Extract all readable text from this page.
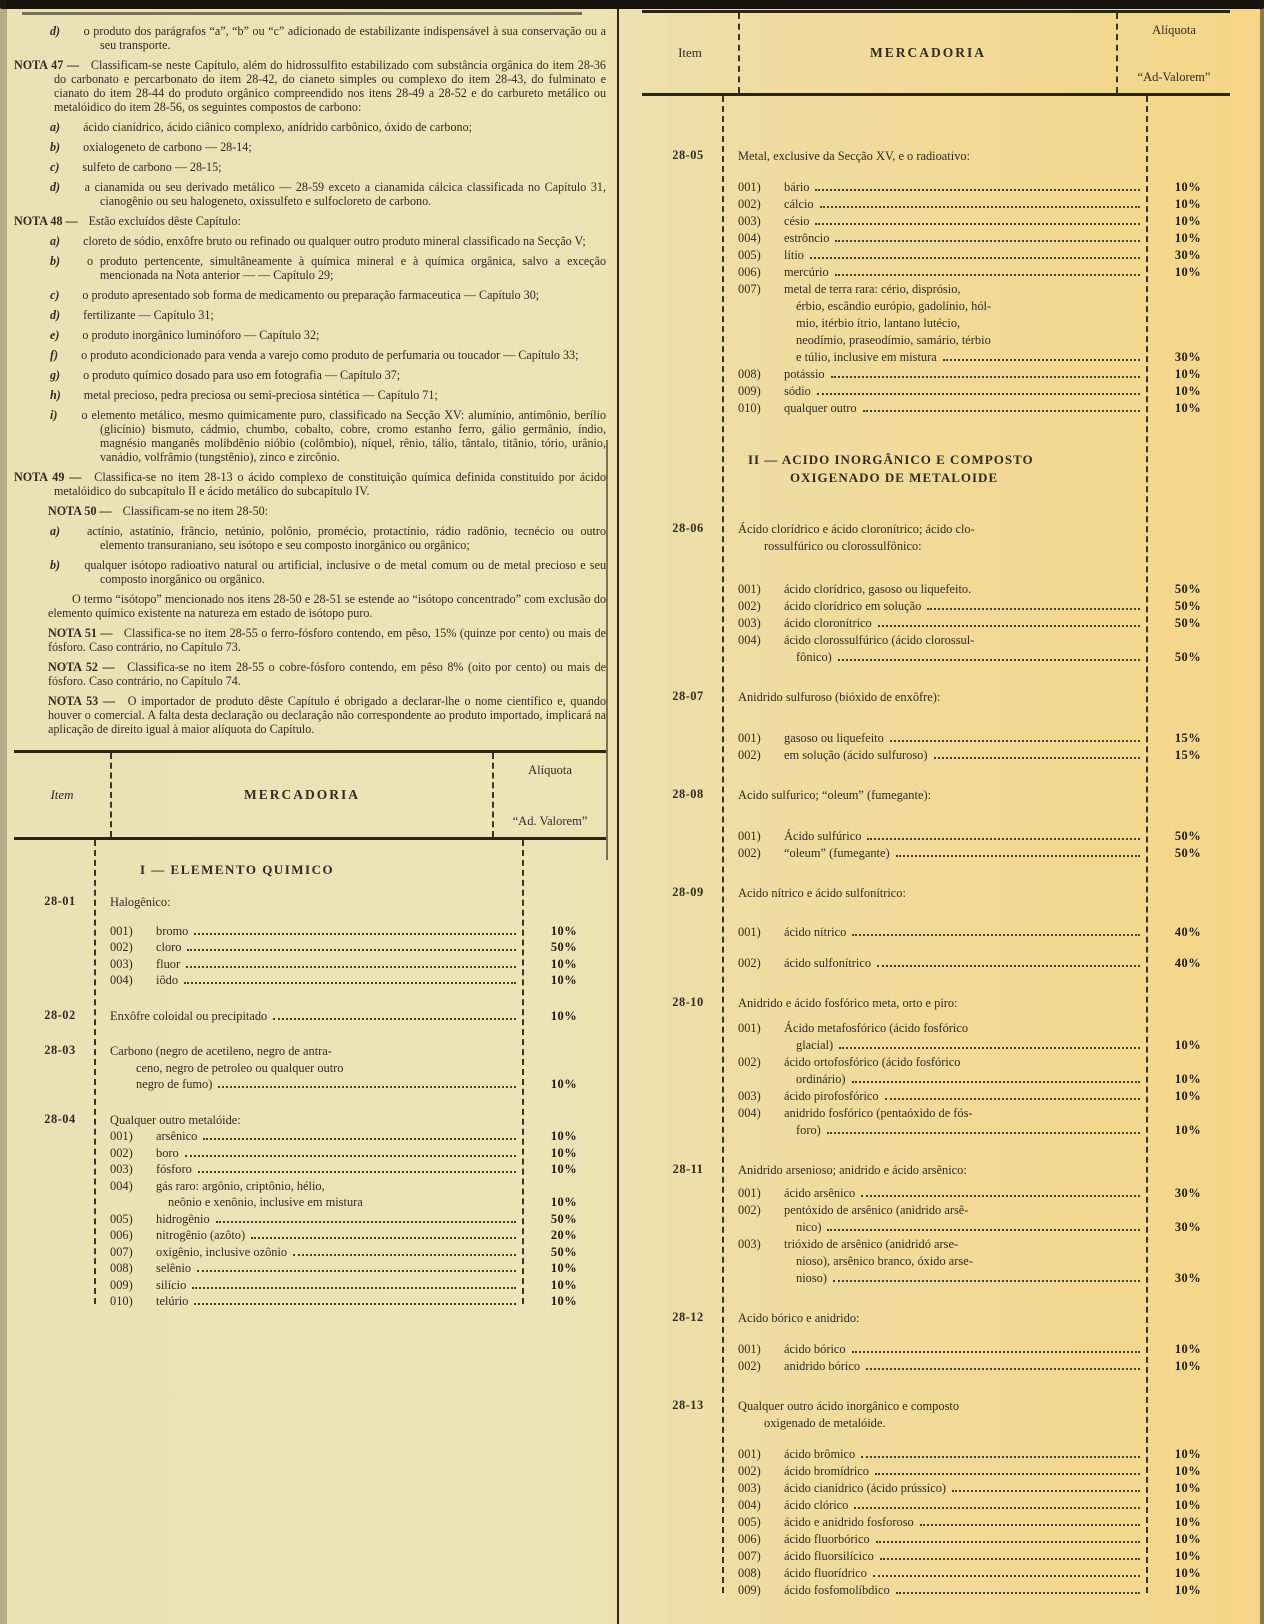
d) o produto dos parágrafos “a”, “b” ou “c” adicionado de estabilizante indispensável à sua conservação ou a seu transporte.
NOTA 47 — Classificam-se neste Capítulo, além do hidrossulfito estabilizado com substância orgânica do item 28-36 do carbonato e percarbonato do item 28-42, do cianeto simples ou complexo do item 28-43, do fulminato e cianato do item 28-44 do produto orgânico compreendido nos itens 28-49 a 28-52 e do carbureto metálico ou metalóidico do item 28-56, os seguintes compostos de carbono:
a) ácido cianídrico, ácido ciânico complexo, anídrido carbônico, óxido de carbono;
b) oxialogeneto de carbono — 28-14;
c) sulfeto de carbono — 28-15;
d) a cianamida ou seu derivado metálico — 28-59 exceto a cianamida cálcica classificada no Capítulo 31, cianogênio ou seu halogeneto, oxissulfeto e sulfocloreto de carbono.
NOTA 48 — Estão excluídos dêste Capítulo:
a) cloreto de sódio, enxôfre bruto ou refinado ou qualquer outro produto mineral classificado na Secção V;
b) o produto pertencente, simultâneamente à química mineral e à química orgânica, salvo a exceção mencionada na Nota anterior — — Capítulo 29;
c) o produto apresentado sob forma de medicamento ou preparação farmaceutica — Capítulo 30;
d) fertilizante — Capítulo 31;
e) o produto inorgânico luminóforo — Capítulo 32;
f) o produto acondicionado para venda a varejo como produto de perfumaria ou toucador — Capítulo 33;
g) o produto químico dosado para uso em fotografia — Capítulo 37;
h) metal precioso, pedra preciosa ou semi-preciosa sintética — Capítulo 71;
i) o elemento metálico, mesmo quimicamente puro, classificado na Secção XV: alumínio, antimônio, berílio (glicínio) bismuto, cádmio, chumbo, cobalto, cobre, cromo estanho ferro, gálio germânio, índio, magnésio manganês molibdênio nióbio (colômbio), níquel, rênio, tálio, tântalo, titânio, tório, urânio, vanádio, volfrâmio (tungstênio), zinco e zircônio.
NOTA 49 — Classifica-se no item 28-13 o ácido complexo de constituição química definida constituído por ácido metalóidico do subcapítulo II e ácido metálico do subcapítulo IV.
NOTA 50 — Classificam-se no item 28-50:
a) actínio, astatínio, frâncio, netúnio, polônio, promécio, protactínio, rádio radônio, tecnécio ou outro elemento transuraniano, seu isótopo e seu composto inorgânico ou orgânico;
b) qualquer isótopo radioativo natural ou artificial, inclusive o de metal comum ou de metal precioso e seu composto inorgânico ou orgânico.
O termo “isótopo” mencionado nos itens 28-50 e 28-51 se estende ao “isótopo concentrado” com exclusão do elemento químico existente na natureza em estado de isótopo puro.
NOTA 51 — Classifica-se no item 28-55 o ferro-fósforo contendo, em pêso, 15% (quinze por cento) ou mais de fósforo. Caso contrário, no Capítulo 73.
NOTA 52 — Classifica-se no item 28-55 o cobre-fósforo contendo, em pêso 8% (oito por cento) ou mais de fósforo. Caso contrário, no Capítulo 74.
NOTA 53 — O importador de produto dêste Capítulo é obrigado a declarar-lhe o nome científico e, quando houver o comercial. A falta desta declaração ou declaração não correspondente ao produto importado, implicará na aplicação de direito igual à maior alíquota do Capítulo.
Item	MERCADORIA
Alíquota
“Ad. Valorem”
I — ELEMENTO QUIMICO
28-01	Halogênico:
001)	bromo	10%
002)	cloro	50%
003)	fluor	10%
004)	iôdo	10%
28-02	Enxôfre coloidal ou precipitado	10%
28-03	Carbono (negro de acetileno, negro de antra-
ceno, negro de petroleo ou qualquer outro
negro de fumo)	10%
28-04	Qualquer outro metalóide:
001)	arsênico	10%
002)	boro	10%
003)	fósforo	10%
004)	gás raro: argônio, criptônio, hélio,
neônio e xenônio, inclusive em mistura	10%
005)	hidrogênio	50%
006)	nitrogênio (azôto)	20%
007)	oxigênio, inclusive ozônio	50%
008)	selênio	10%
009)	silício	10%
010)	telúrio	10%
Item	MERCADORIA
Alíquota
“Ad-Valorem”
28-05	Metal, exclusive da Secção XV, e o radioativo:
001)	bário	10%
002)	cálcio	10%
003)	césio	10%
004)	estrôncio	10%
005)	lítio	30%
006)	mercúrio	10%
007)	metal de terra rara: cério, disprósio,
érbio, escândio európio, gadolínio, hól-
mio, itérbio ítrio, lantano lutécio,
neodímio, praseodímio, samário, térbio
e túlio, inclusive em mistura	30%
008)	potássio	10%
009)	sódio	10%
010)	qualquer outro	10%
II — ACIDO INORGÂNICO E COMPOSTO
OXIGENADO DE METALOIDE
28-06	Ácido clorídrico e ácido cloronítrico; ácido clo-
rossulfúrico ou clorossulfônico:
001)	ácido clorídrico, gasoso ou liquefeito.	50%
002)	ácido clorídrico em solução	50%
003)	ácido cloronítrico	50%
004)	ácido clorossulfúrico (ácido clorossul-
fônico)	50%
28-07	Anidrido sulfuroso (bióxido de enxôfre):
001)	gasoso ou liquefeito	15%
002)	em solução (ácido sulfuroso)	15%
28-08	Acido sulfurico; “oleum” (fumegante):
001)	Ácido sulfúrico	50%
002)	“oleum” (fumegante)	50%
28-09	Acido nítrico e ácido sulfonítrico:
001)	ácido nítrico	40%
002)	ácido sulfonítrico	40%
28-10	Anidrido e ácido fosfórico meta, orto e piro:
001)	Ácido metafosfórico (ácido fosfórico
glacial)	10%
002)	ácido ortofosfórico (ácido fosfórico
ordinário)	10%
003)	ácido pirofosfórico	10%
004)	anidrido fosfórico (pentaóxido de fós-
foro)	10%
28-11	Anidrido arsenioso; anidrido e ácido arsênico:
001)	ácido arsênico	30%
002)	pentóxido de arsênico (anidrido arsê-
nico)	30%
003)	trióxido de arsênico (anidridó arse-
nioso), arsênico branco, óxido arse-
nioso)	30%
28-12	Acido bórico e anidrido:
001)	ácido bórico	10%
002)	anidrido bórico	10%
28-13	Qualquer outro ácido inorgânico e composto
oxigenado de metalóide.
001)	ácido brômico	10%
002)	ácido bromídrico	10%
003)	ácido cianídrico (ácido prússico)	10%
004)	ácido clórico	10%
005)	ácido e anidrido fosforoso	10%
006)	ácido fluorbórico	10%
007)	ácido fluorsilícico	10%
008)	ácido fluorídrico	10%
009)	ácido fosfomolíbdico	10%
